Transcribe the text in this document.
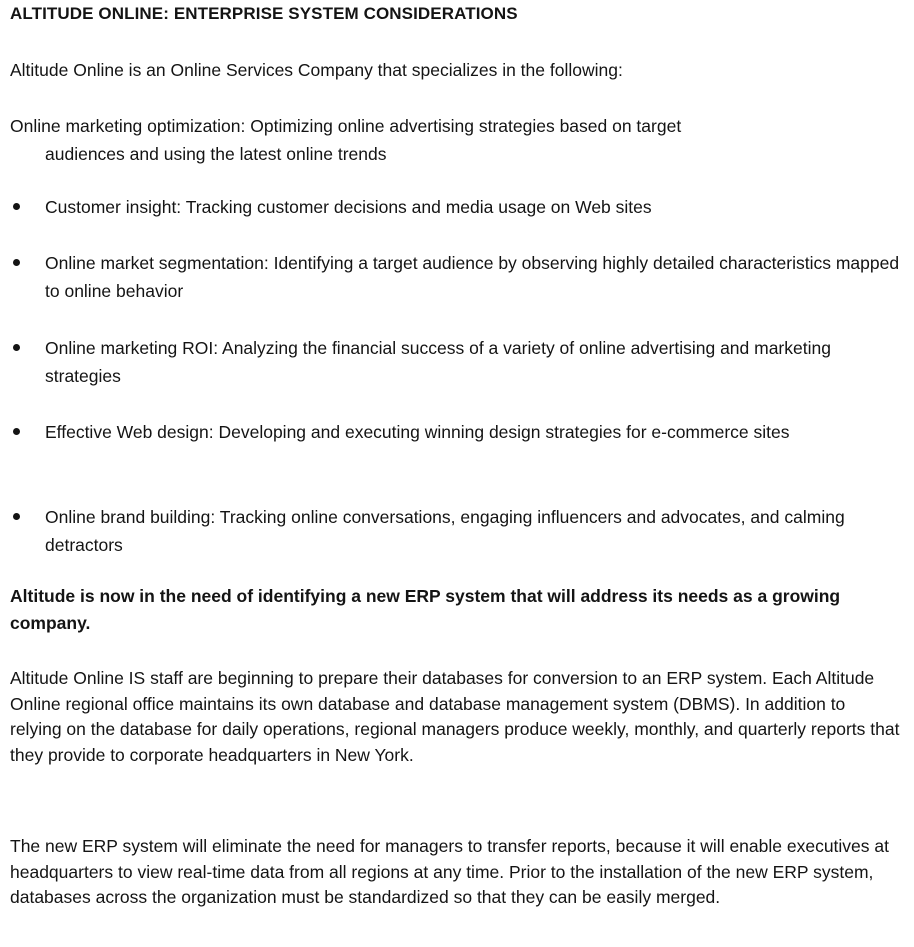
ALTITUDE ONLINE: ENTERPRISE SYSTEM CONSIDERATIONS
Altitude Online is an Online Services Company that specializes in the following:
Online marketing optimization: Optimizing online advertising strategies based on target
audiences and using the latest online trends
Customer insight: Tracking customer decisions and media usage on Web sites
Online market segmentation: Identifying a target audience by observing highly detailed characteristics mapped to online behavior
Online marketing ROI: Analyzing the financial success of a variety of online advertising and marketing strategies
Effective Web design: Developing and executing winning design strategies for e-commerce sites
Online brand building: Tracking online conversations, engaging influencers and advocates, and calming detractors
Altitude is now in the need of identifying a new ERP system that will address its needs as a growing company.

Altitude Online IS staff are beginning to prepare their databases for conversion to an ERP system. Each Altitude Online regional office maintains its own database and database management system (DBMS). In addition to relying on the database for daily operations, regional managers produce weekly, monthly, and quarterly reports that they provide to corporate headquarters in New York.

The new ERP system will eliminate the need for managers to transfer reports, because it will enable executives at headquarters to view real-time data from all regions at any time. Prior to the installation of the new ERP system, databases across the organization must be standardized so that they can be easily merged.
